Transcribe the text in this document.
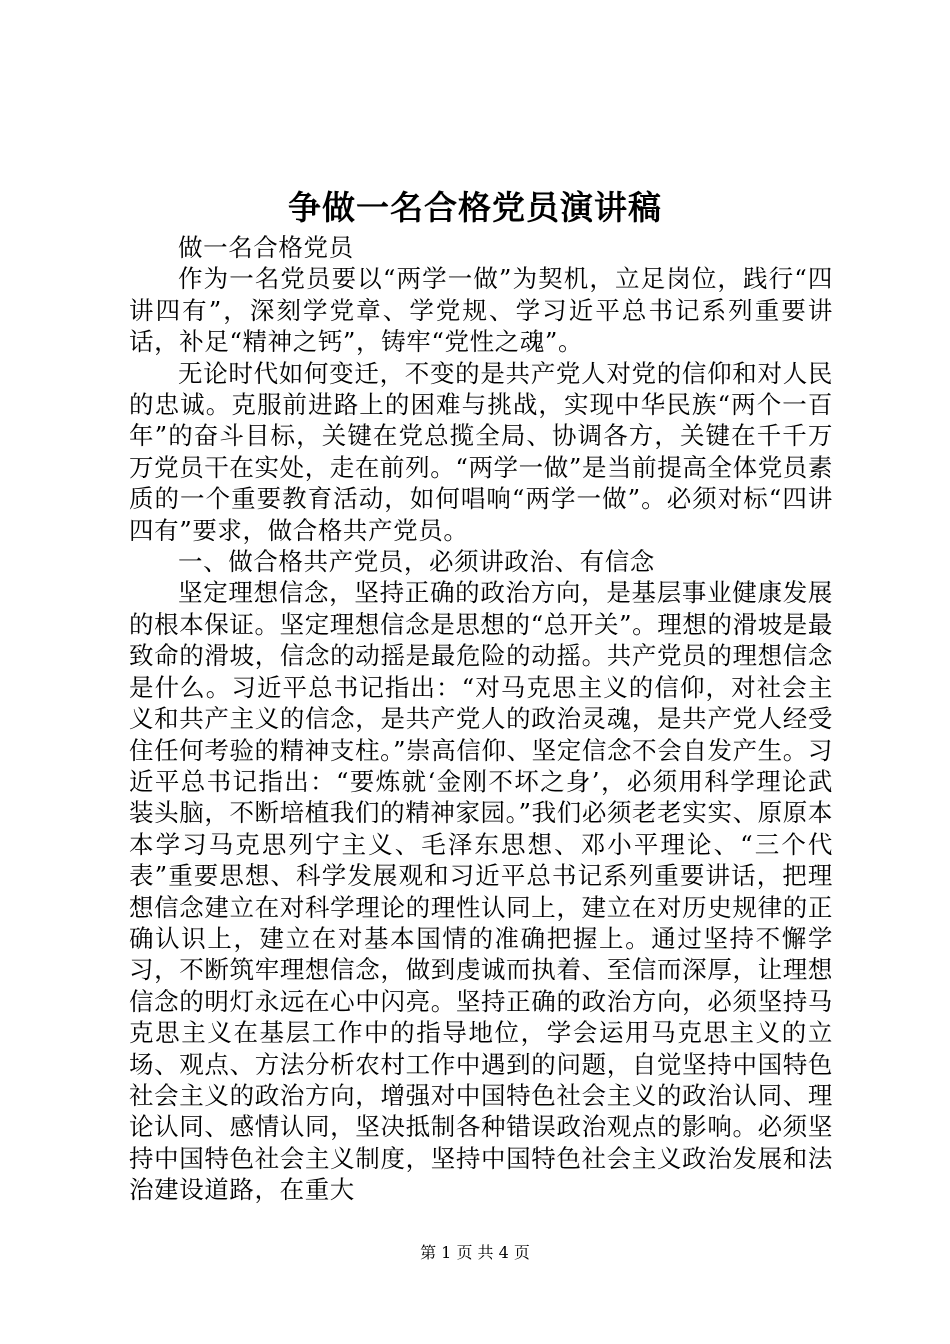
争做一名合格党员演讲稿

做一名合格党员

作为一名党员要以“两学一做”为契机，立足岗位，践行“四讲四有”，深刻学党章、学党规、学习近平总书记系列重要讲话，补足“精神之钙”，铸牢“党性之魂”。

无论时代如何变迁，不变的是共产党人对党的信仰和对人民的忠诚。克服前进路上的困难与挑战，实现中华民族“两个一百年”的奋斗目标，关键在党总揽全局、协调各方，关键在千千万万党员干在实处，走在前列。“两学一做”是当前提高全体党员素质的一个重要教育活动，如何唱响“两学一做”。必须对标“四讲四有”要求，做合格共产党员。

一、做合格共产党员，必须讲政治、有信念

坚定理想信念，坚持正确的政治方向，是基层事业健康发展的根本保证。坚定理想信念是思想的“总开关”。理想的滑坡是最致命的滑坡，信念的动摇是最危险的动摇。共产党员的理想信念是什么。习近平总书记指出：“对马克思主义的信仰，对社会主义和共产主义的信念，是共产党人的政治灵魂，是共产党人经受住任何考验的精神支柱。”崇高信仰、坚定信念不会自发产生。习近平总书记指出：“要炼就‘金刚不坏之身’，必须用科学理论武装头脑，不断培植我们的精神家园。”我们必须老老实实、原原本本学习马克思列宁主义、毛泽东思想、邓小平理论、“三个代表”重要思想、科学发展观和习近平总书记系列重要讲话，把理想信念建立在对科学理论的理性认同上，建立在对历史规律的正确认识上，建立在对基本国情的准确把握上。通过坚持不懈学习，不断筑牢理想信念，做到虔诚而执着、至信而深厚，让理想信念的明灯永远在心中闪亮。坚持正确的政治方向，必须坚持马克思主义在基层工作中的指导地位，学会运用马克思主义的立场、观点、方法分析农村工作中遇到的问题，自觉坚持中国特色社会主义的政治方向，增强对中国特色社会主义的政治认同、理论认同、感情认同，坚决抵制各种错误政治观点的影响。必须坚持中国特色社会主义制度，坚持中国特色社会主义政治发展和法治建设道路，在重大

第 1 页 共 4 页
